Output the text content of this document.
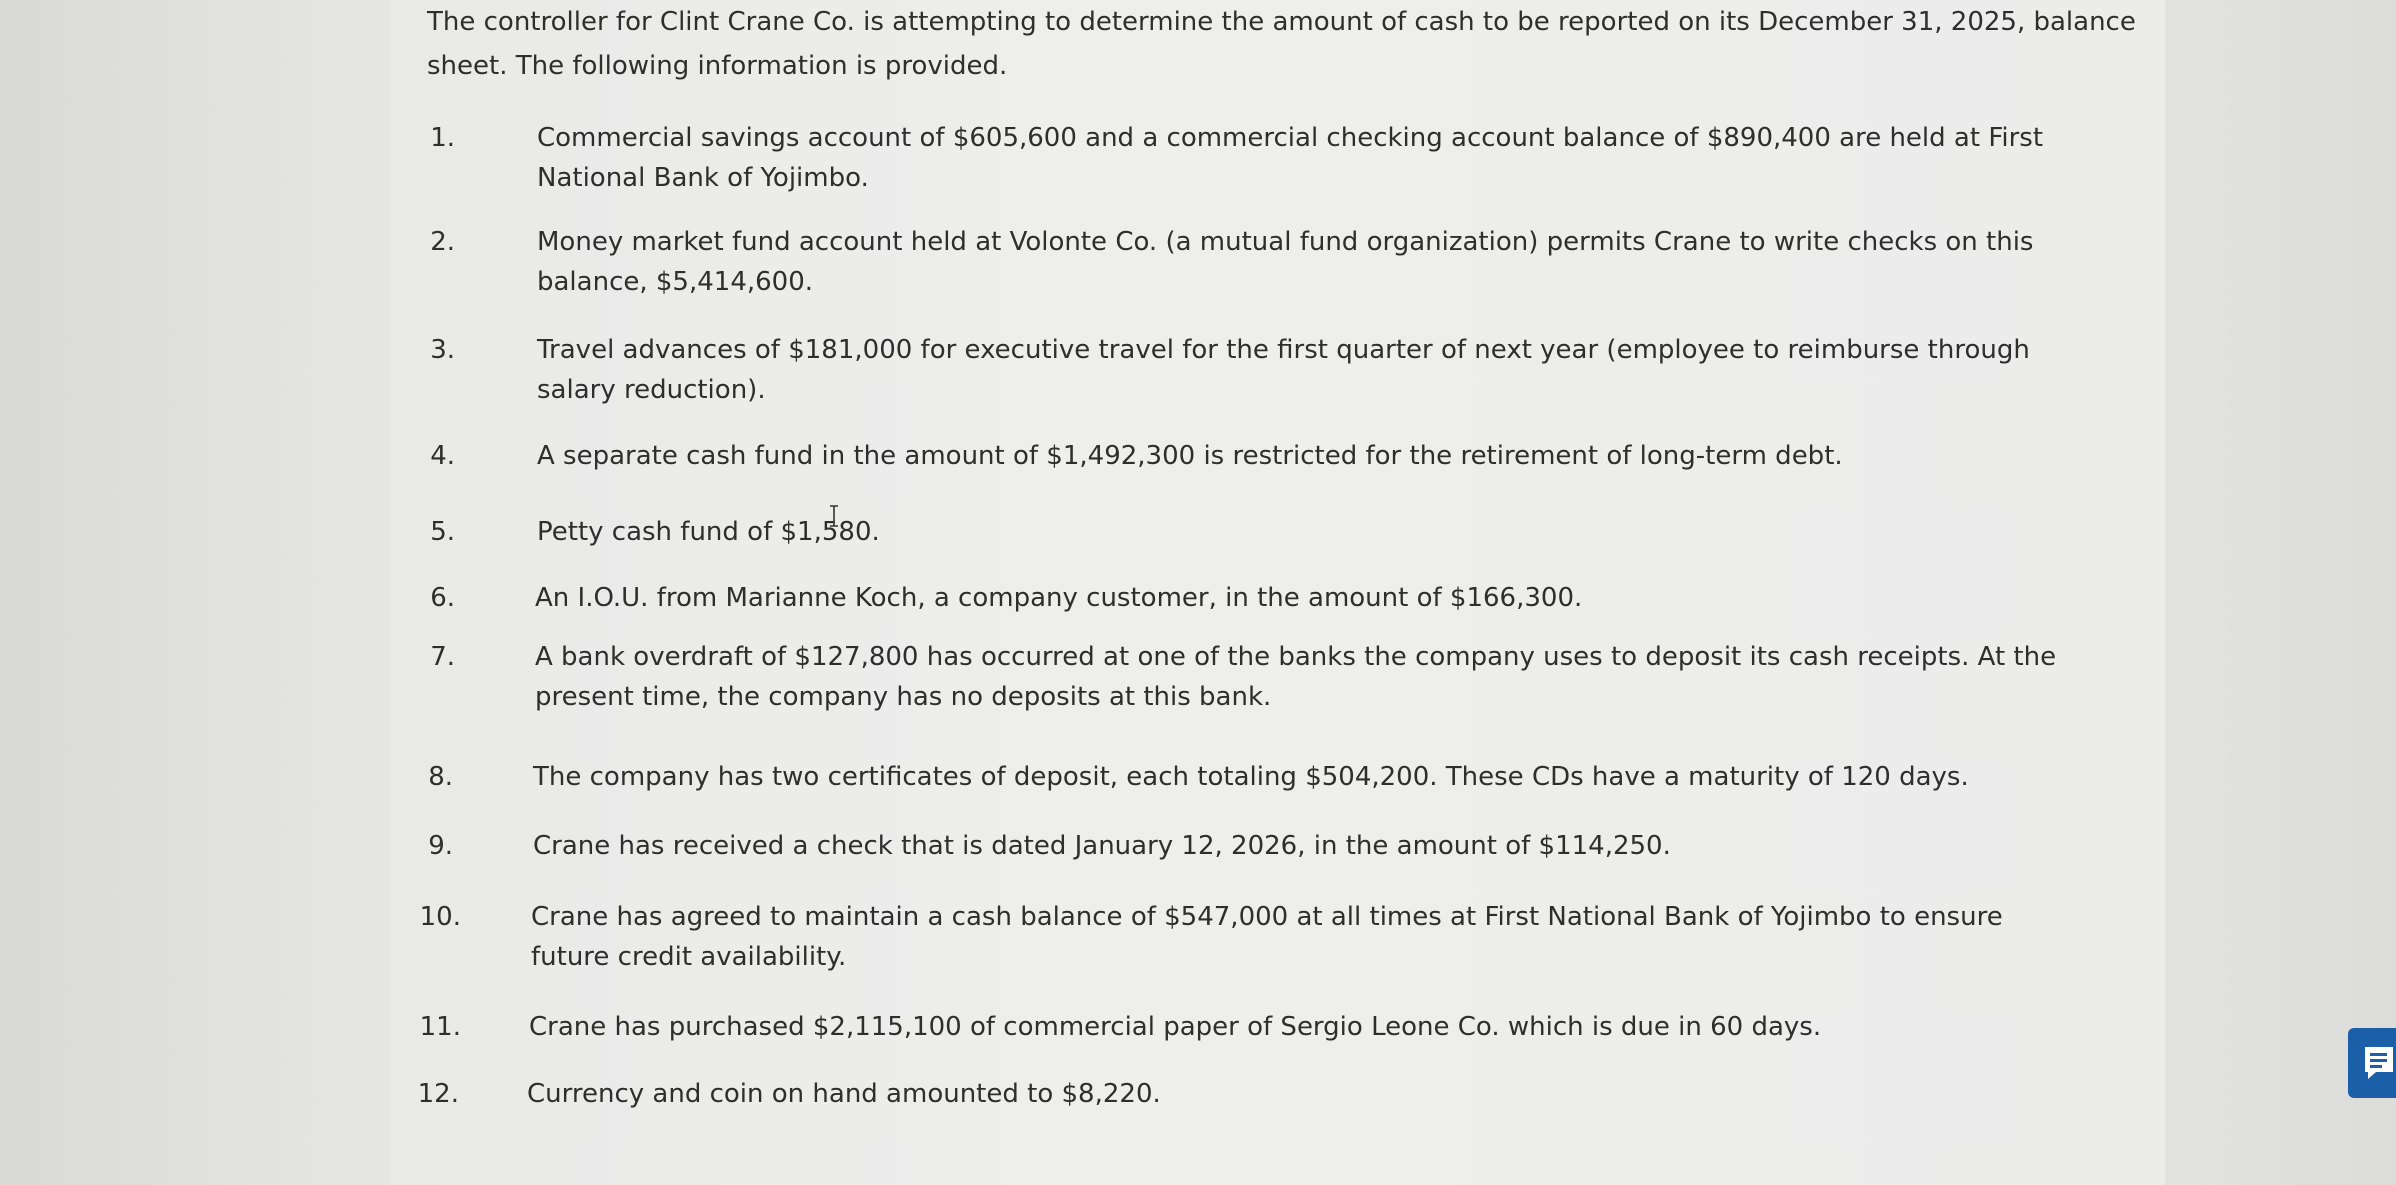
The controller for Clint Crane Co. is attempting to determine the amount of cash to be reported on its December 31, 2025, balance sheet. The following information is provided.
1.	Commercial savings account of $605,600 and a commercial checking account balance of $890,400 are held at First National Bank of Yojimbo.
2.	Money market fund account held at Volonte Co. (a mutual fund organization) permits Crane to write checks on this balance, $5,414,600.
3.	Travel advances of $181,000 for executive travel for the first quarter of next year (employee to reimburse through salary reduction).
4.	A separate cash fund in the amount of $1,492,300 is restricted for the retirement of long-term debt.
5.	Petty cash fund of $1,580.
6.	An I.O.U. from Marianne Koch, a company customer, in the amount of $166,300.
7.	A bank overdraft of $127,800 has occurred at one of the banks the company uses to deposit its cash receipts. At the present time, the company has no deposits at this bank.
8.	The company has two certificates of deposit, each totaling $504,200. These CDs have a maturity of 120 days.
9.	Crane has received a check that is dated January 12, 2026, in the amount of $114,250.
10.	Crane has agreed to maintain a cash balance of $547,000 at all times at First National Bank of Yojimbo to ensure future credit availability.
11.	Crane has purchased $2,115,100 of commercial paper of Sergio Leone Co. which is due in 60 days.
12.	Currency and coin on hand amounted to $8,220.
